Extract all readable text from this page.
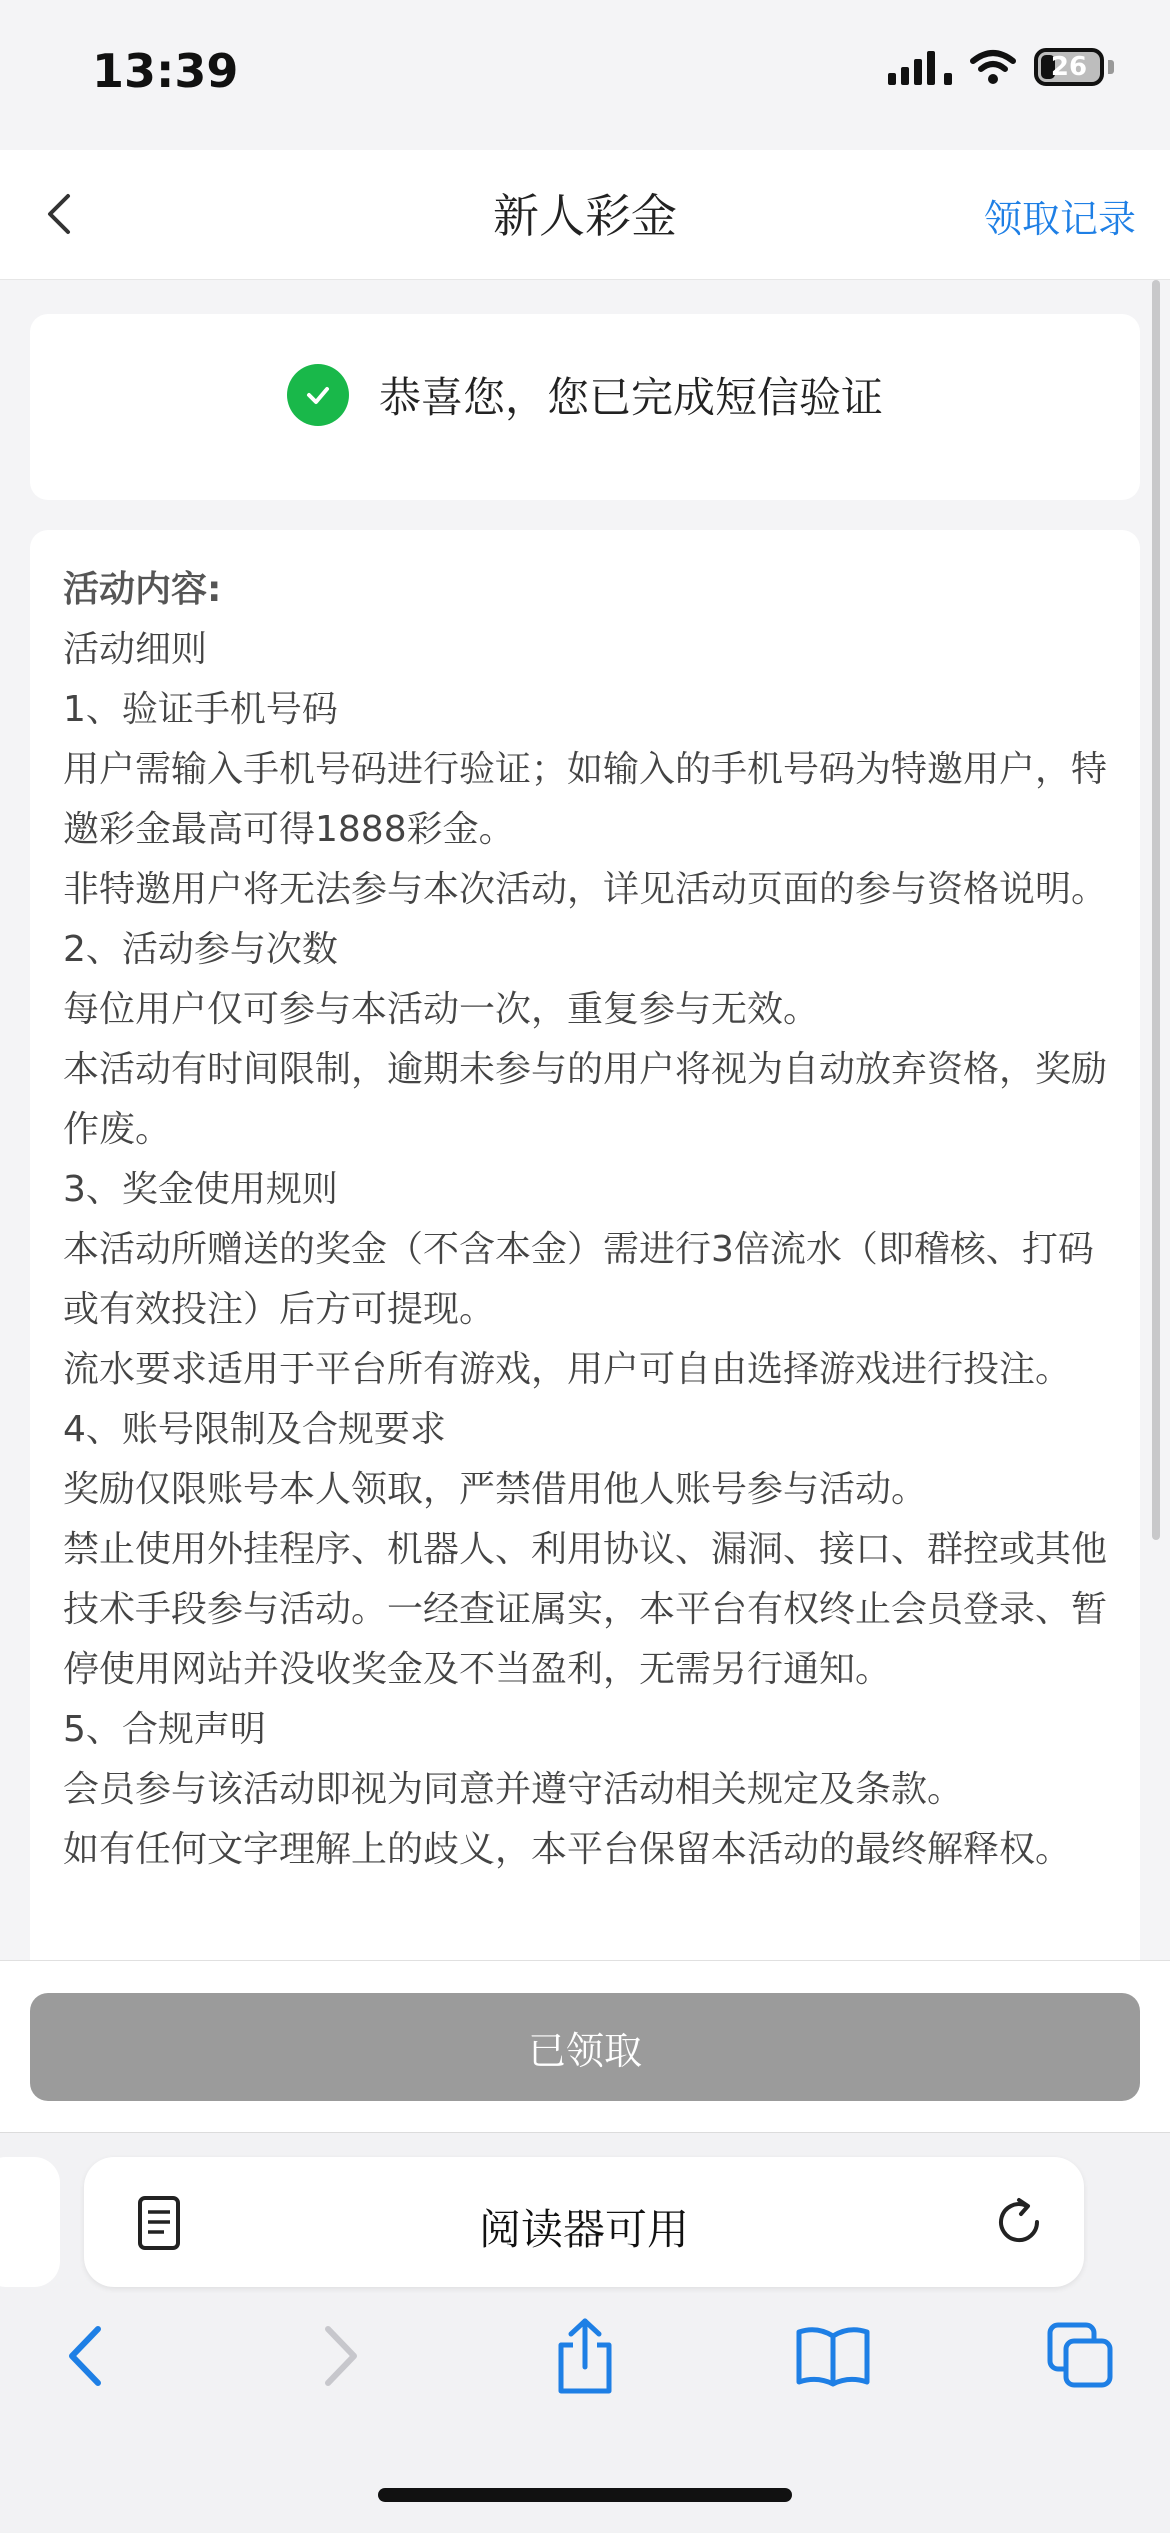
13:39	26
新人彩金	领取记录
恭喜您，您已完成短信验证

活动内容:

活动细则

1、验证手机号码

用户需输入手机号码进行验证；如输入的手机号码为特邀用户，特邀彩金最高可得1888彩金。

非特邀用户将无法参与本次活动，详见活动页面的参与资格说明。

2、活动参与次数

每位用户仅可参与本活动一次，重复参与无效。

本活动有时间限制，逾期未参与的用户将视为自动放弃资格，奖励作废。

3、奖金使用规则

本活动所赠送的奖金（不含本金）需进行3倍流水（即稽核、打码或有效投注）后方可提现。

流水要求适用于平台所有游戏，用户可自由选择游戏进行投注。

4、账号限制及合规要求

奖励仅限账号本人领取，严禁借用他人账号参与活动。

禁止使用外挂程序、机器人、利用协议、漏洞、接口、群控或其他技术手段参与活动。一经查证属实，本平台有权终止会员登录、暂停使用网站并没收奖金及不当盈利，无需另行通知。

5、合规声明

会员参与该活动即视为同意并遵守活动相关规定及条款。

如有任何文字理解上的歧义，本平台保留本活动的最终解释权。

已领取
阅读器可用
